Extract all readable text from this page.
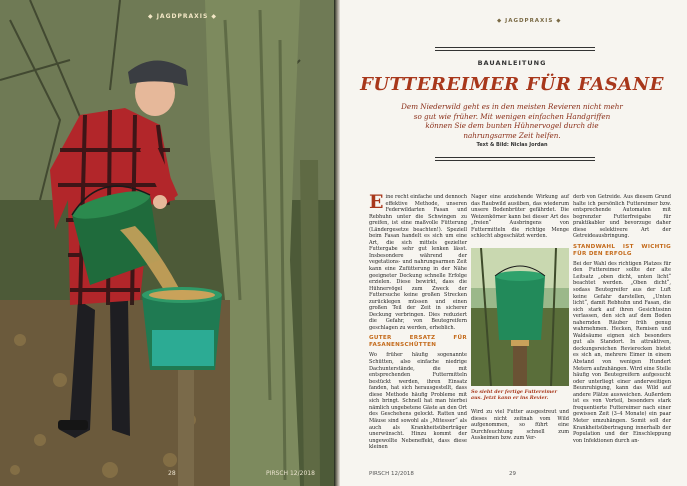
◆ JAGDPRAXIS ◆
28	PIRSCH 12/2018
◆ JAGDPRAXIS ◆
BAUANLEITUNG
FUTTEREIMER FÜR FASANE
Dem Niederwild geht es in den meisten Revieren nicht mehr so gut wie früher. Mit wenigen einfachen Handgriffen können Sie dem bunten Hühnervogel durch die nahrungsarme Zeit helfen.
Text & Bild: Niclas Jordan

Eine recht einfache und dennoch effektive Methode, unseren Federwildarten Fasan und Rebhuhn unter die Schwingen zu greifen, ist eine maßvolle Fütterung (Ländergesetze beachten!). Speziell beim Fasan handelt es sich um eine Art, die sich mittels gezielter Futtergabe sehr gut lenken lässt. Insbesondere während der vegetations- und nahrungsarmen Zeit kann eine Zufütterung in der Nähe geeigneter Deckung schnelle Erfolge erzielen. Diese bewirkt, dass die Hühnervögel zum Zweck der Futtersuche keine großen Strecken zurücklegen müssen und einen großen Teil der Zeit in sicherer Deckung verbringen. Dies reduziert die Gefahr, von Beutegreifern geschlagen zu werden, erheblich.

GUTER ERSATZ FÜR FASANENSCHÜTTEN

Wo früher häufig sogenannte Schütten, also einfache niedrige Dachunterstände, die mit entsprechenden Futtermitteln bestückt werden, ihren Einsatz fanden, hat sich herausgestellt, dass diese Methode häufig Probleme mit sich bringt. Schnell hat man hierbei nämlich ungebetene Gäste an den Ort des Geschehens gelockt. Ratten und Mäuse sind sowohl als „Mitesser“ als auch als Krankheitsüberträger unerwünscht. Hinzu kommt der ungewollte Nebeneffekt, dass diese kleinen

Nager eine anziehende Wirkung auf das Raubwild ausüben, das wiederum unsere Bodenbrüter gefährdet. Die Weizenkörner kann bei dieser Art des „freien“ Ausbringens von Futtermitteln die richtige Menge schlecht abgeschätzt werden.

So sieht der fertige Futtereimer aus. Jetzt kann er ins Revier.

Wird zu viel Futter ausgestreut und dieses nicht zeitnah vom Wild aufgenommen, so führt eine Durchfeuchtung schnell zum Auskeimen bzw. zum Ver-

derb von Getreide. Aus diesem Grund halte ich persönlich Futtereimer bzw. entsprechende Automaten mit begrenzter Futterfreigabe für praktikabler und bevorzuge daher diese selektivere Art der Getreideausbringung.

STANDWAHL IST WICHTIG FÜR DEN ERFOLG

Bei der Wahl des richtigen Platzes für den Futtereimer sollte der alte Leitsatz „oben dicht, unten licht“ beachtet werden. „Oben dicht“, sodass Beutegreifer aus der Luft keine Gefahr darstellen, „Unten licht“, damit Rebhuhn und Fasan, die sich stark auf ihren Gesichtssinn verlassen, den sich auf dem Boden nahernden Räuber früh genug wahrnehmen. Hecken, Remisen und Waldsäume eignen sich besonders gut als Standort. In attraktiven, deckungsreichen Revierecken bietet es sich an, mehrere Eimer in einem Abstand von wenigen Hundert Metern aufzuhängen. Wird eine Stelle häufig von Beutegreifern aufgesucht oder unterliegt einer anderweitigen Beunruhigung, kann das Wild auf andere Plätze ausweichen. Außerdem ist es von Vorteil, besonders stark frequentierte Futtereimer nach einer gewissen Zeit (3–4 Monate) ein paar Meter umzuhängen. Somit soll der Krankheitsübertragung innerhalb der Population und der Einschleppung von Infektionen durch an-

PIRSCH 12/2018	29
